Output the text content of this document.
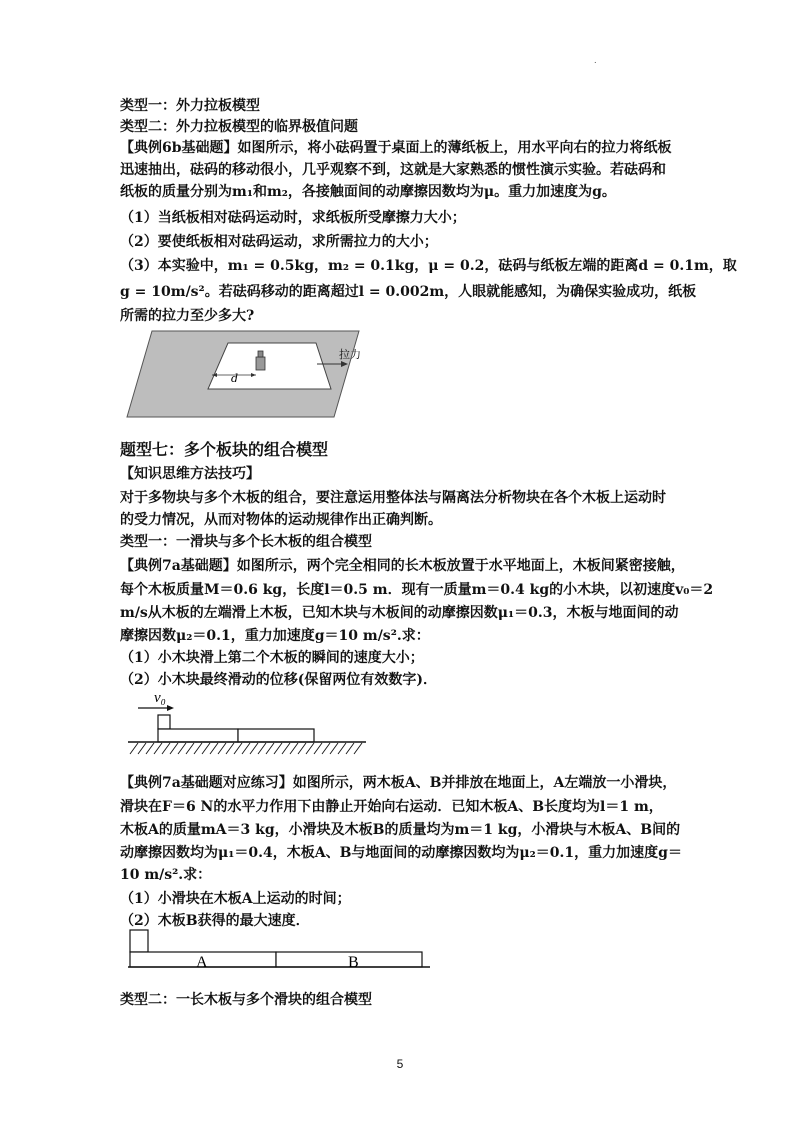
.
类型一：外力拉板模型
类型二：外力拉板模型的临界极值问题
【典例6b基础题】如图所示，将小砝码置于桌面上的薄纸板上，用水平向右的拉力将纸板
迅速抽出，砝码的移动很小，几乎观察不到，这就是大家熟悉的惯性演示实验。若砝码和
纸板的质量分别为m₁和m₂，各接触面间的动摩擦因数均为μ。重力加速度为g。
（1）当纸板相对砝码运动时，求纸板所受摩擦力大小；
（2）要使纸板相对砝码运动，求所需拉力的大小；
（3）本实验中，m₁ = 0.5kg，m₂ = 0.1kg，μ = 0.2，砝码与纸板左端的距离d = 0.1m，取
g = 10m/s²。若砝码移动的距离超过l = 0.002m，人眼就能感知，为确保实验成功，纸板
所需的拉力至少多大?
d
拉力
题型七：多个板块的组合模型
【知识思维方法技巧】
对于多物块与多个木板的组合，要注意运用整体法与隔离法分析物块在各个木板上运动时
的受力情况，从而对物体的运动规律作出正确判断。
类型一：一滑块与多个长木板的组合模型
【典例7a基础题】如图所示，两个完全相同的长木板放置于水平地面上，木板间紧密接触，
每个木板质量M＝0.6 kg，长度l＝0.5 m．现有一质量m＝0.4 kg的小木块，以初速度v₀＝2
m/s从木板的左端滑上木板，已知木块与木板间的动摩擦因数μ₁＝0.3，木板与地面间的动
摩擦因数μ₂＝0.1，重力加速度g＝10 m/s².求：
（1）小木块滑上第二个木板的瞬间的速度大小；
（2）小木块最终滑动的位移(保留两位有效数字)．
v₀
【典例7a基础题对应练习】如图所示，两木板A、B并排放在地面上，A左端放一小滑块，
滑块在F＝6 N的水平力作用下由静止开始向右运动．已知木板A、B长度均为l＝1 m，
木板A的质量mA＝3 kg，小滑块及木板B的质量均为m＝1 kg，小滑块与木板A、B间的
动摩擦因数均为μ₁＝0.4，木板A、B与地面间的动摩擦因数均为μ₂＝0.1，重力加速度g＝
10 m/s².求：
（1）小滑块在木板A上运动的时间；
（2）木板B获得的最大速度．
A	B
类型二：一长木板与多个滑块的组合模型
5
